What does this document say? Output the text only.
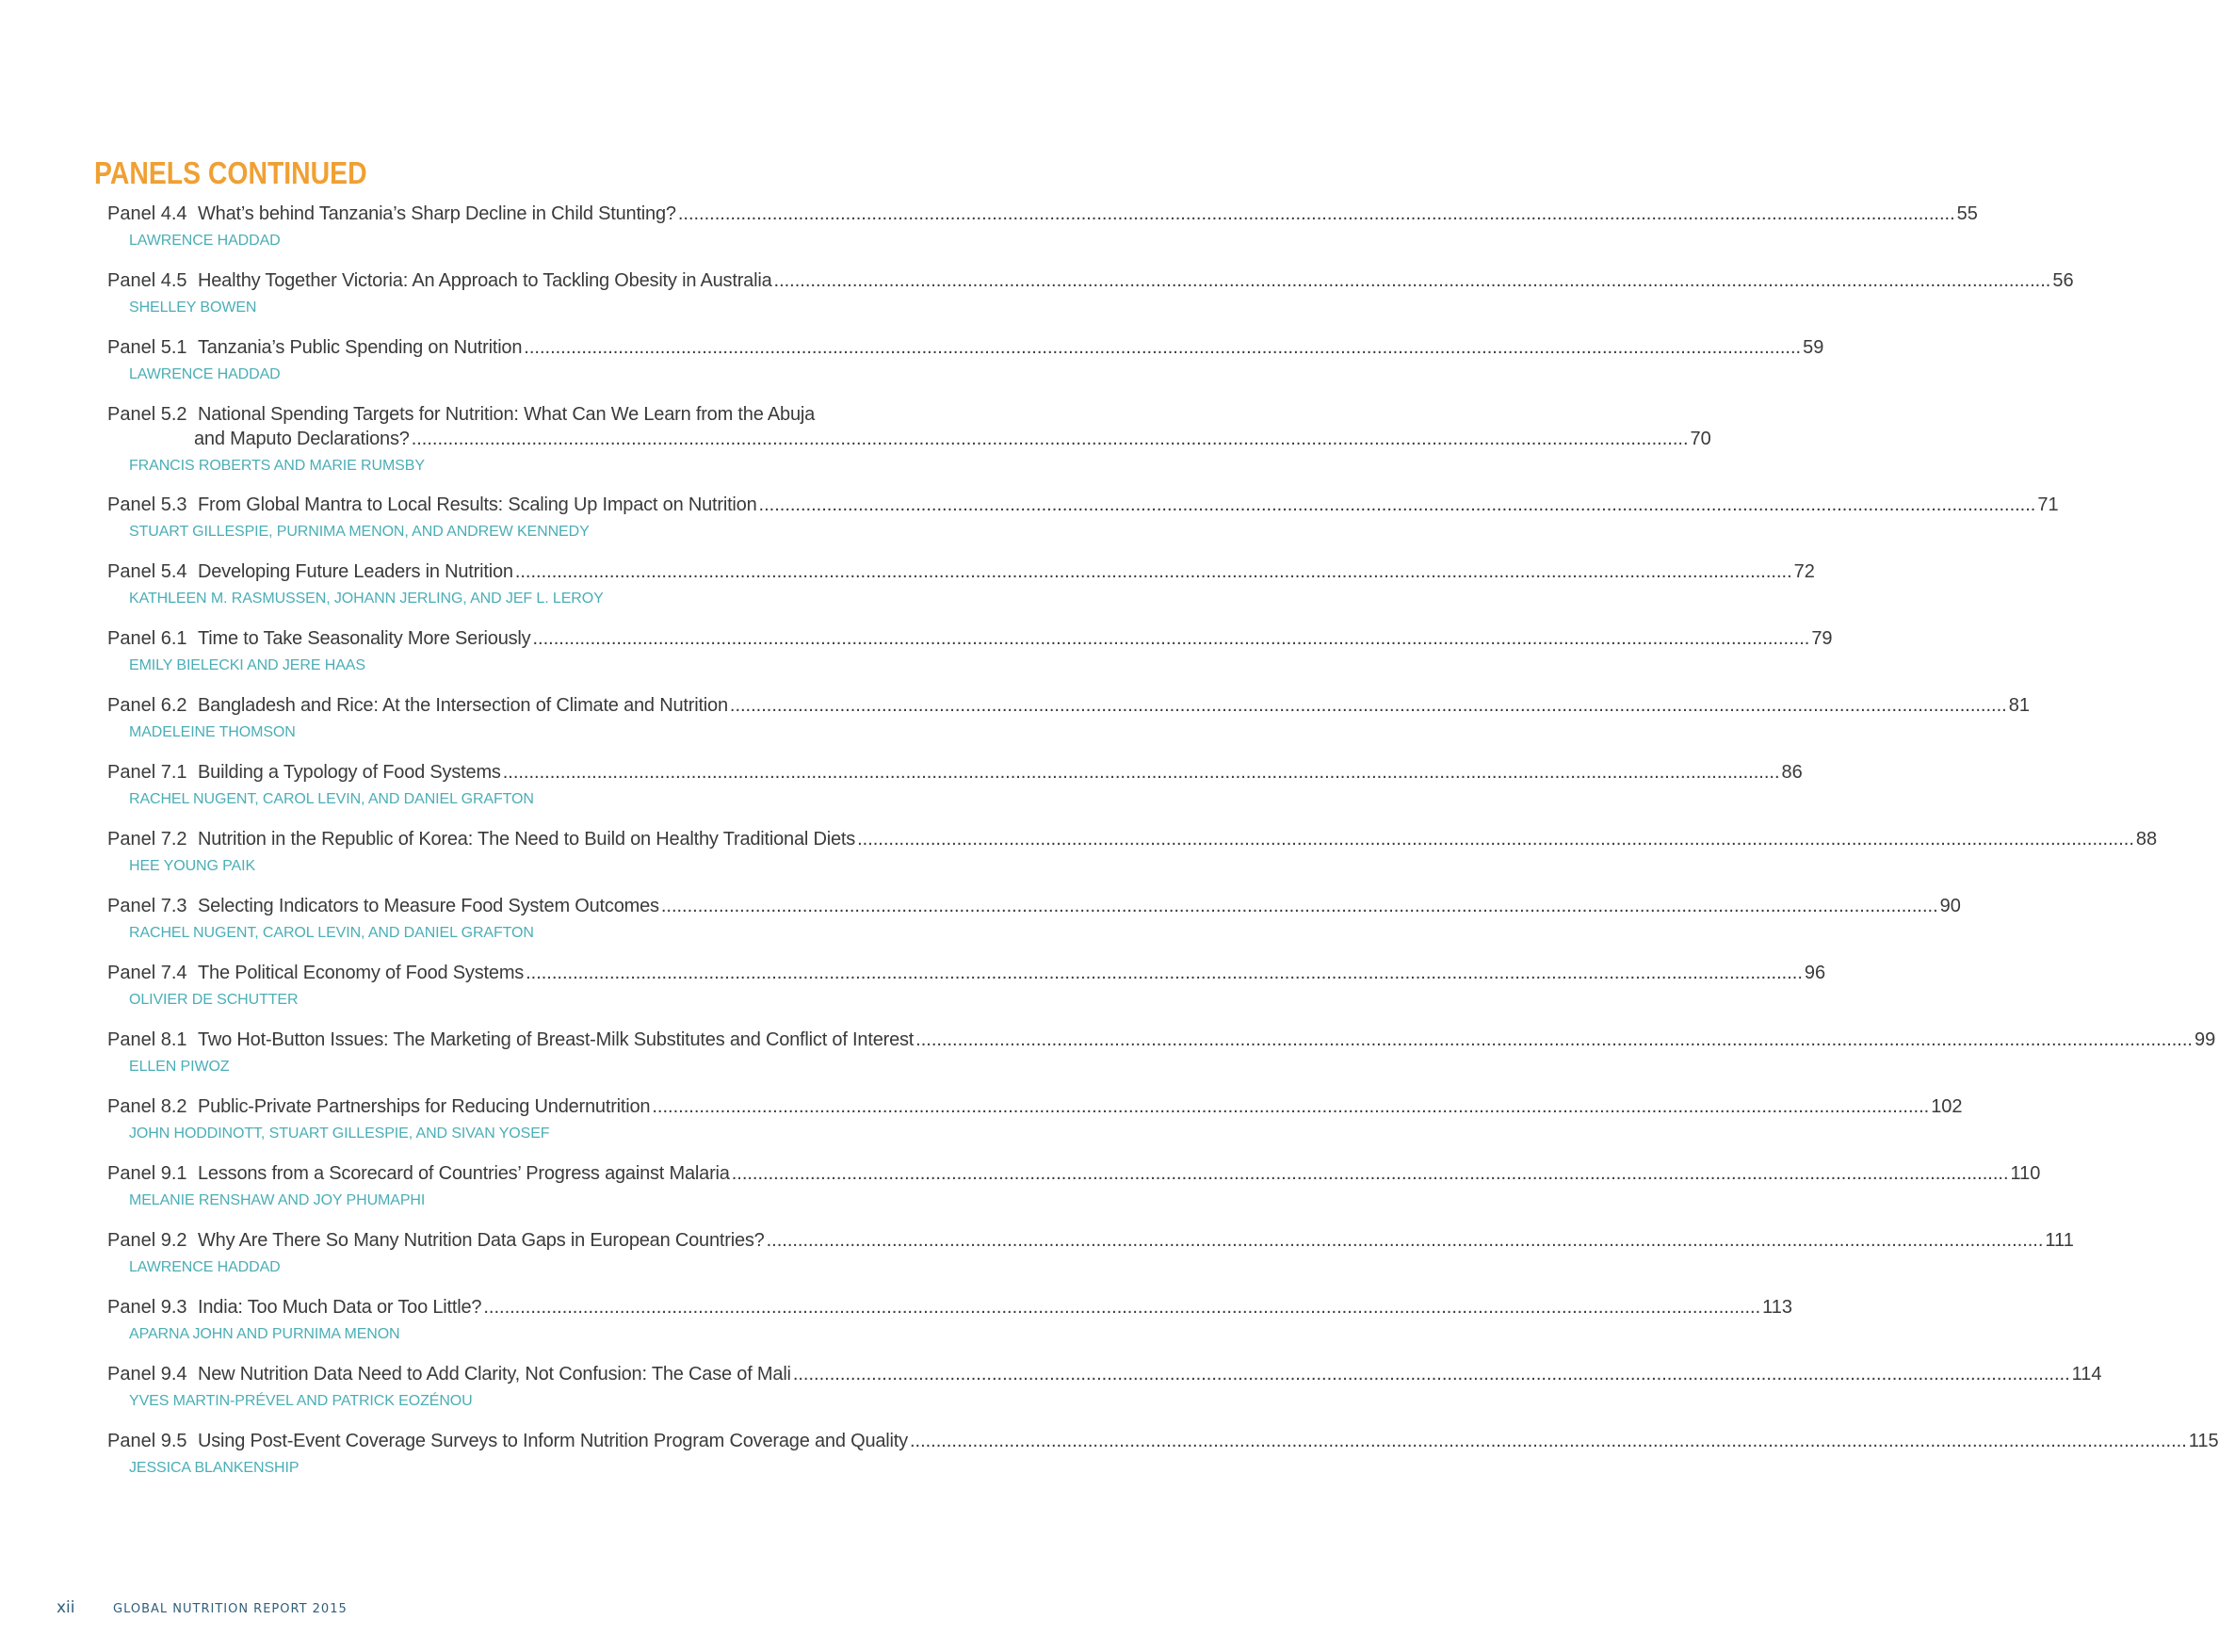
PANELS CONTINUED
Panel 4.4 What’s behind Tanzania’s Sharp Decline in Child Stunting? .....	55
LAWRENCE HADDAD
Panel 4.5 Healthy Together Victoria: An Approach to Tackling Obesity in Australia .....	56
SHELLEY BOWEN
Panel 5.1 Tanzania’s Public Spending on Nutrition .....	59
LAWRENCE HADDAD
Panel 5.2 National Spending Targets for Nutrition: What Can We Learn from the Abuja
and Maputo Declarations? .....	70
FRANCIS ROBERTS AND MARIE RUMSBY
Panel 5.3 From Global Mantra to Local Results: Scaling Up Impact on Nutrition .....	71
STUART GILLESPIE, PURNIMA MENON, AND ANDREW KENNEDY
Panel 5.4 Developing Future Leaders in Nutrition .....	72
KATHLEEN M. RASMUSSEN, JOHANN JERLING, AND JEF L. LEROY
Panel 6.1 Time to Take Seasonality More Seriously .....	79
EMILY BIELECKI AND JERE HAAS
Panel 6.2 Bangladesh and Rice: At the Intersection of Climate and Nutrition .....	81
MADELEINE THOMSON
Panel 7.1 Building a Typology of Food Systems .....	86
RACHEL NUGENT, CAROL LEVIN, AND DANIEL GRAFTON
Panel 7.2 Nutrition in the Republic of Korea: The Need to Build on Healthy Traditional Diets .....	88
HEE YOUNG PAIK
Panel 7.3 Selecting Indicators to Measure Food System Outcomes .....	90
RACHEL NUGENT, CAROL LEVIN, AND DANIEL GRAFTON
Panel 7.4 The Political Economy of Food Systems .....	96
OLIVIER DE SCHUTTER
Panel 8.1 Two Hot-Button Issues: The Marketing of Breast-Milk Substitutes and Conflict of Interest .....	99
ELLEN PIWOZ
Panel 8.2 Public-Private Partnerships for Reducing Undernutrition .....	102
JOHN HODDINOTT, STUART GILLESPIE, AND SIVAN YOSEF
Panel 9.1 Lessons from a Scorecard of Countries’ Progress against Malaria .....	110
MELANIE RENSHAW AND JOY PHUMAPHI
Panel 9.2 Why Are There So Many Nutrition Data Gaps in European Countries? .....	111
LAWRENCE HADDAD
Panel 9.3 India: Too Much Data or Too Little? .....	113
APARNA JOHN AND PURNIMA MENON
Panel 9.4 New Nutrition Data Need to Add Clarity, Not Confusion: The Case of Mali .....	114
YVES MARTIN-PRÉVEL AND PATRICK EOZÉNOU
Panel 9.5 Using Post-Event Coverage Surveys to Inform Nutrition Program Coverage and Quality .....	115
JESSICA BLANKENSHIP
xii	GLOBAL NUTRITION REPORT 2015
